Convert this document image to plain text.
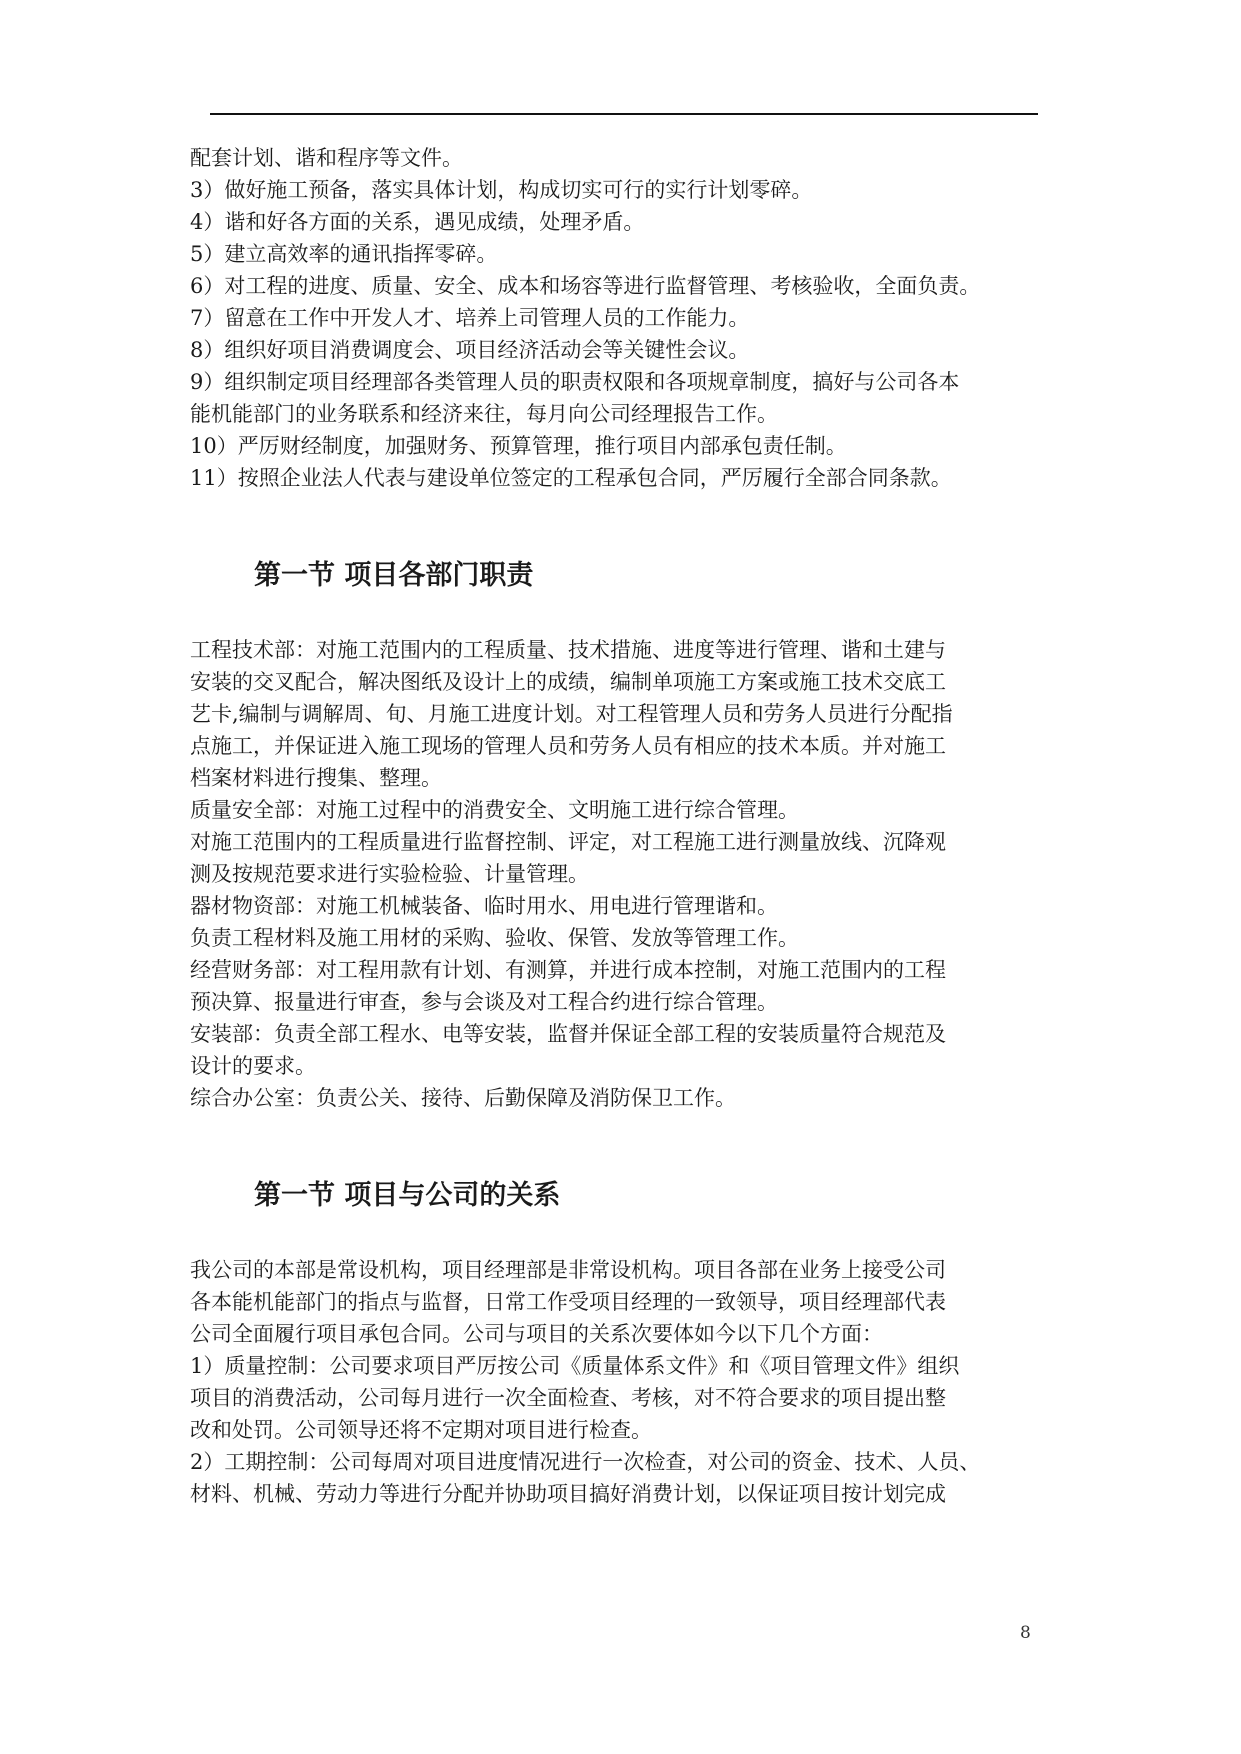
配套计划、谐和程序等文件。

3）做好施工预备，落实具体计划，构成切实可行的实行计划零碎。

4）谐和好各方面的关系，遇见成绩，处理矛盾。

5）建立高效率的通讯指挥零碎。

6）对工程的进度、质量、安全、成本和场容等进行监督管理、考核验收，全面负责。

7）留意在工作中开发人才、培养上司管理人员的工作能力。

8）组织好项目消费调度会、项目经济活动会等关键性会议。

9）组织制定项目经理部各类管理人员的职责权限和各项规章制度，搞好与公司各本

能机能部门的业务联系和经济来往，每月向公司经理报告工作。

10）严厉财经制度，加强财务、预算管理，推行项目内部承包责任制。

11）按照企业法人代表与建设单位签定的工程承包合同，严厉履行全部合同条款。

第一节 项目各部门职责

工程技术部：对施工范围内的工程质量、技术措施、进度等进行管理、谐和土建与

安装的交叉配合，解决图纸及设计上的成绩，编制单项施工方案或施工技术交底工

艺卡,编制与调解周、旬、月施工进度计划。对工程管理人员和劳务人员进行分配指

点施工，并保证进入施工现场的管理人员和劳务人员有相应的技术本质。并对施工

档案材料进行搜集、整理。

质量安全部：对施工过程中的消费安全、文明施工进行综合管理。

对施工范围内的工程质量进行监督控制、评定，对工程施工进行测量放线、沉降观

测及按规范要求进行实验检验、计量管理。

器材物资部：对施工机械装备、临时用水、用电进行管理谐和。

负责工程材料及施工用材的采购、验收、保管、发放等管理工作。

经营财务部：对工程用款有计划、有测算，并进行成本控制，对施工范围内的工程

预决算、报量进行审查，参与会谈及对工程合约进行综合管理。

安装部：负责全部工程水、电等安装，监督并保证全部工程的安装质量符合规范及

设计的要求。

综合办公室：负责公关、接待、后勤保障及消防保卫工作。

第一节 项目与公司的关系

我公司的本部是常设机构，项目经理部是非常设机构。项目各部在业务上接受公司

各本能机能部门的指点与监督，日常工作受项目经理的一致领导，项目经理部代表

公司全面履行项目承包合同。公司与项目的关系次要体如今以下几个方面：

1）质量控制：公司要求项目严厉按公司《质量体系文件》和《项目管理文件》组织

项目的消费活动，公司每月进行一次全面检查、考核，对不符合要求的项目提出整

改和处罚。公司领导还将不定期对项目进行检查。

2）工期控制：公司每周对项目进度情况进行一次检查，对公司的资金、技术、人员、

材料、机械、劳动力等进行分配并协助项目搞好消费计划，以保证项目按计划完成

8
